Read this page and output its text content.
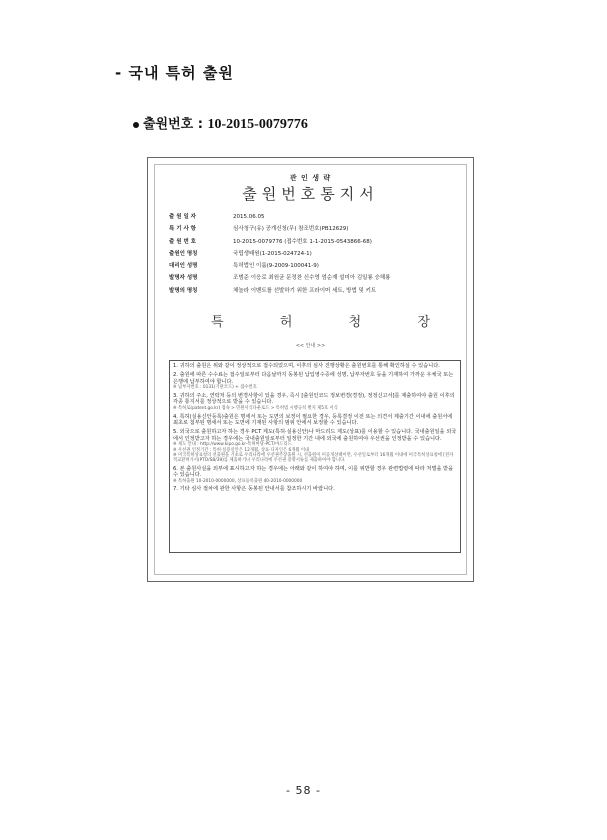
- 국내 특허 출원
출원번호 : 10-2015-0079776
관 인 생 략
출원번호통지서
출 원 일 자	2015.06.05
특 기 사 항	심사청구(유) 공개신청(무) 참조번호(PB12629)
출 원 번 호	10-2015-0079776 (접수번호 1-1-2015-0543866-68)
출원인 명칭	국립생태원(1-2015-024724-1)
대리인 성명	특허법인 이룸(9-2009-100041-9)
발명자 성명	조범준 이응로 최원균 문정찬 신수영 엄순재 설미아 김일룡 승해룡
발명의 명칭	체놀라 이벤트를 선발하기 위한 프라이머 세트, 방법 및 키트
특	허	청	장
<< 안내 >>

1. 귀하의 출원은 위와 같이 정상적으로 접수되었으며, 이후의 심사 진행상황은 출원번호를 통해 확인하실 수 있습니다.

2. 출원에 따른 수수료는 접수일로부터 다음날까지 동봉된 납입영수증에 성명, 납부자번호 등을 기재하여 가까운 우체국 또는 은행에 납부하여야 합니다.

※ 납부자번호 : 0131(기관코드) + 접수번호

3. 귀하의 주소, 연락처 등의 변경사항이 있을 경우, 즉시 [출원인코드 정보변경(경정), 정정신고서]를 제출하여야 출원 이후의 각종 통지서를 정상적으로 받을 수 있습니다.

※ 특허로(patent.go.kr) 접속 > 민원서식다운로드 > 특허법 시행규칙 별지 제5호 서식

4. 특허(실용신안등록)출원은 명세서 또는 도면의 보정이 필요한 경우, 등록결정 이전 또는 의견서 제출기간 이내에 출원서에 최초로 첨부된 명세서 또는 도면에 기재된 사항의 범위 안에서 보정할 수 있습니다.

5. 외국으로 출원하고자 하는 경우 PCT 제도(특허·실용신안)나 마드리드 제도(상표)를 이용할 수 있습니다. 국내출원일을 외국에서 인정받고자 하는 경우에는 국내출원일로부터 일정한 기간 내에 외국에 출원하여야 우선권을 인정받을 수 있습니다.

※ 제도 안내 : http://www.kipo.go.kr-특허마당-PCT/마드리드

※ 우선권 인정기간 : 특허·실용신안은 12개월, 상표·디자인은 6개월 이내

※ 미국특허상표청의 선출원을 기초로 우리나라에 우선권주장출원 시, 선출원이 미공개상태이면, 우선일로부터 16개월 이내에 미국특허상표청에 [전자적교환허가서(PTO/SB/39)를 제출하거나 우리나라에 우선권 증명서류를 제출하여야 합니다.

6. 본 출원사실을 외부에 표시하고자 하는 경우에는 아래와 같이 하여야 하며, 이를 위반할 경우 관련법령에 따라 처벌을 받을 수 있습니다.

※ 특허출원 10-2010-0000000, 상표등록출원 40-2010-0000000

7. 기타 심사 절차에 관한 사항은 동봉된 안내서를 참조하시기 바랍니다.

- 58 -
